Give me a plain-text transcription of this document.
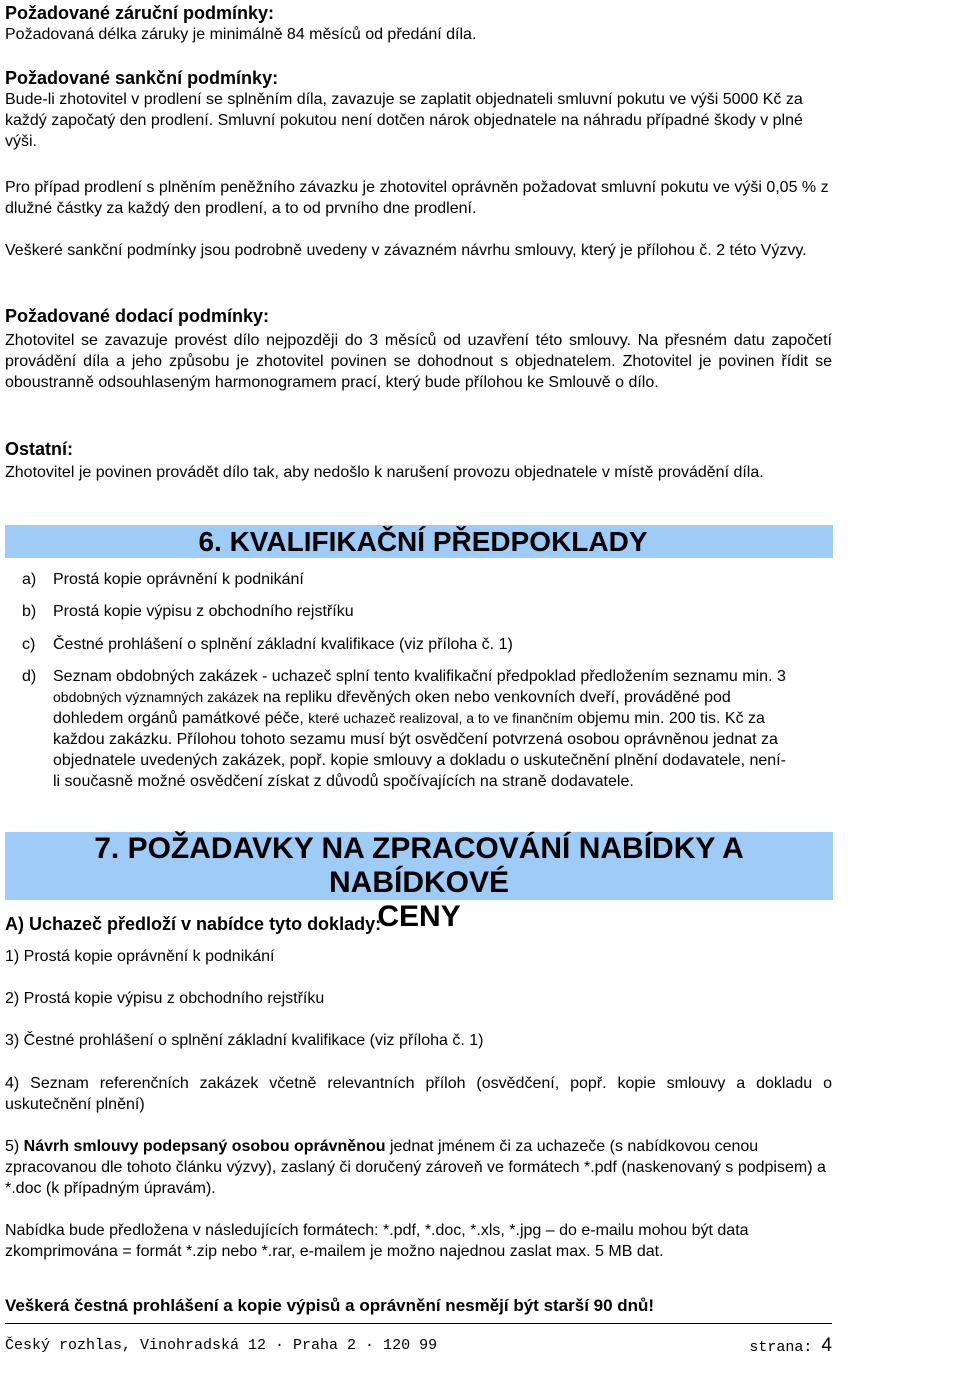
Požadované záruční podmínky:

Požadovaná délka záruky je minimálně 84 měsíců od předání díla.

Požadované sankční podmínky:

Bude-li zhotovitel v prodlení se splněním díla, zavazuje se zaplatit objednateli smluvní pokutu ve výši 5000 Kč za každý započatý den prodlení. Smluvní pokutou není dotčen nárok objednatele na náhradu případné škody v plné výši.

Pro případ prodlení s plněním peněžního závazku je zhotovitel oprávněn požadovat smluvní pokutu ve výši 0,05 % z dlužné částky za každý den prodlení, a to od prvního dne prodlení.

Veškeré sankční podmínky jsou podrobně uvedeny v závazném návrhu smlouvy, který je přílohou č. 2 této Výzvy.

Požadované dodací podmínky:

Zhotovitel se zavazuje provést dílo nejpozději do 3 měsíců od uzavření této smlouvy. Na přesném datu započetí provádění díla a jeho způsobu je zhotovitel povinen se dohodnout s objednatelem. Zhotovitel je povinen řídit se oboustranně odsouhlaseným harmonogramem prací, který bude přílohou ke Smlouvě o dílo.

Ostatní:

Zhotovitel je povinen provádět dílo tak, aby nedošlo k narušení provozu objednatele v místě provádění díla.

6. KVALIFIKAČNÍ PŘEDPOKLADY
a) Prostá kopie oprávnění k podnikání
b) Prostá kopie výpisu z obchodního rejstříku
c) Čestné prohlášení o splnění základní kvalifikace (viz příloha č. 1)
d) Seznam obdobných zakázek - uchazeč splní tento kvalifikační předpoklad předložením seznamu min. 3 obdobných významných zakázek na repliku dřevěných oken nebo venkovních dveří, prováděné pod dohledem orgánů památkové péče, které uchazeč realizoval, a to ve finančním objemu min. 200 tis. Kč za každou zakázku. Přílohou tohoto sezamu musí být osvědčení potvrzená osobou oprávněnou jednat za objednatele uvedených zakázek, popř. kopie smlouvy a dokladu o uskutečnění plnění dodavatele, není-li současně možné osvědčení získat z důvodů spočívajících na straně dodavatele.
7. POŽADAVKY NA ZPRACOVÁNÍ NABÍDKY A NABÍDKOVÉ
CENY

A) Uchazeč předloží v nabídce tyto doklady:

1) Prostá kopie oprávnění k podnikání

2) Prostá kopie výpisu z obchodního rejstříku

3) Čestné prohlášení o splnění základní kvalifikace (viz příloha č. 1)

4) Seznam referenčních zakázek včetně relevantních příloh (osvědčení, popř. kopie smlouvy a dokladu o uskutečnění plnění)

5) Návrh smlouvy podepsaný osobou oprávněnou jednat jménem či za uchazeče (s nabídkovou cenou zpracovanou dle tohoto článku výzvy), zaslaný či doručený zároveň ve formátech *.pdf (naskenovaný s podpisem) a *.doc (k případným úpravám).

Nabídka bude předložena v následujících formátech: *.pdf, *.doc, *.xls, *.jpg – do e-mailu mohou být data zkomprimována = formát *.zip nebo *.rar, e-mailem je možno najednou zaslat max. 5 MB dat.

Veškerá čestná prohlášení a kopie výpisů a oprávnění nesmějí být starší 90 dnů!

Český rozhlas, Vinohradská 12 · Praha 2 · 120 99	strana: 4
